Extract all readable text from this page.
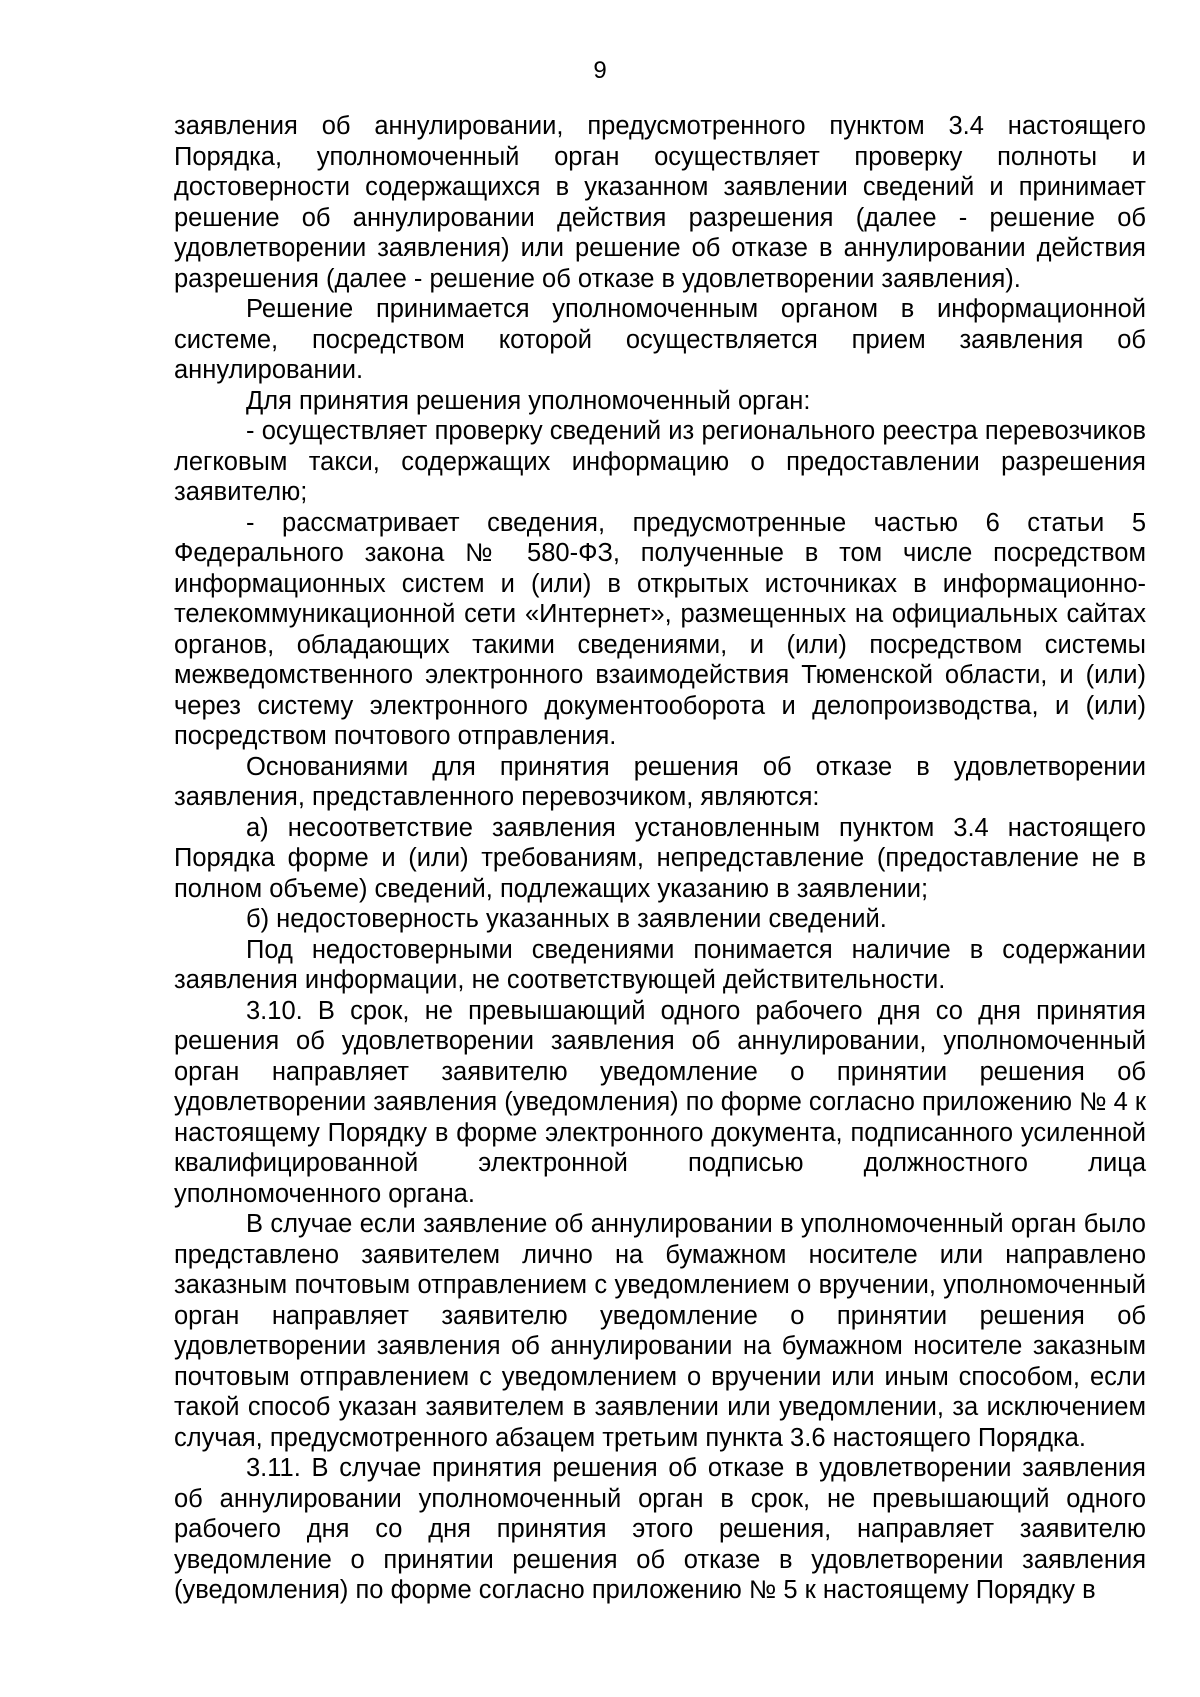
9

заявления об аннулировании, предусмотренного пунктом 3.4 настоящего Порядка, уполномоченный орган осуществляет проверку полноты и достоверности содержащихся в указанном заявлении сведений и принимает решение об аннулировании действия разрешения (далее - решение об удовлетворении заявления) или решение об отказе в аннулировании действия разрешения (далее - решение об отказе в удовлетворении заявления).

Решение принимается уполномоченным органом в информационной системе, посредством которой осуществляется прием заявления об аннулировании.

Для принятия решения уполномоченный орган:

- осуществляет проверку сведений из регионального реестра перевозчиков легковым такси, содержащих информацию о предоставлении разрешения заявителю;

- рассматривает сведения, предусмотренные частью 6 статьи 5 Федерального закона № 580-ФЗ, полученные в том числе посредством информационных систем и (или) в открытых источниках в информационно-телекоммуникационной сети «Интернет», размещенных на официальных сайтах органов, обладающих такими сведениями, и (или) посредством системы межведомственного электронного взаимодействия Тюменской области, и (или) через систему электронного документооборота и делопроизводства, и (или) посредством почтового отправления.

Основаниями для принятия решения об отказе в удовлетворении заявления, представленного перевозчиком, являются:

а) несоответствие заявления установленным пунктом 3.4 настоящего Порядка форме и (или) требованиям, непредставление (предоставление не в полном объеме) сведений, подлежащих указанию в заявлении;

б) недостоверность указанных в заявлении сведений.

Под недостоверными сведениями понимается наличие в содержании заявления информации, не соответствующей действительности.

3.10. В срок, не превышающий одного рабочего дня со дня принятия решения об удовлетворении заявления об аннулировании, уполномоченный орган направляет заявителю уведомление о принятии решения об удовлетворении заявления (уведомления) по форме согласно приложению № 4 к настоящему Порядку в форме электронного документа, подписанного усиленной квалифицированной электронной подписью должностного лица уполномоченного органа.

В случае если заявление об аннулировании в уполномоченный орган было представлено заявителем лично на бумажном носителе или направлено заказным почтовым отправлением с уведомлением о вручении, уполномоченный орган направляет заявителю уведомление о принятии решения об удовлетворении заявления об аннулировании на бумажном носителе заказным почтовым отправлением с уведомлением о вручении или иным способом, если такой способ указан заявителем в заявлении или уведомлении, за исключением случая, предусмотренного абзацем третьим пункта 3.6 настоящего Порядка.

3.11. В случае принятия решения об отказе в удовлетворении заявления об аннулировании уполномоченный орган в срок, не превышающий одного рабочего дня со дня принятия этого решения, направляет заявителю уведомление о принятии решения об отказе в удовлетворении заявления (уведомления) по форме согласно приложению № 5 к настоящему Порядку в
